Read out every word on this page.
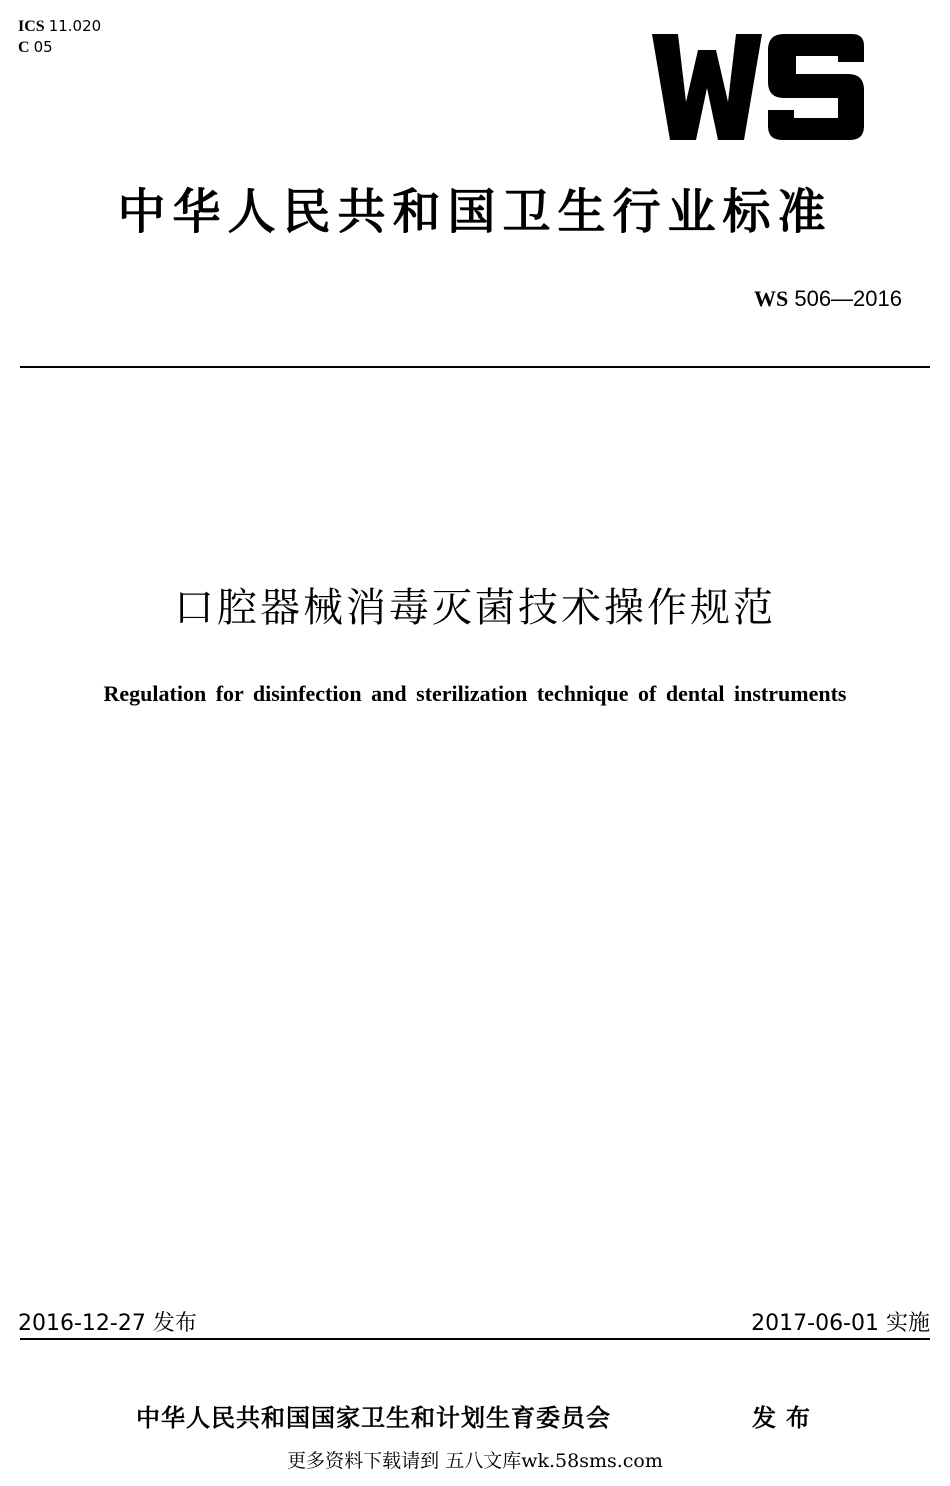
ICS 11.020
C 05
中华人民共和国卫生行业标准
WS 506—2016
口腔器械消毒灭菌技术操作规范
Regulation for disinfection and sterilization technique of dental instruments
2016-12-27 发布	2017-06-01 实施
中华人民共和国国家卫生和计划生育委员会	发布
更多资料下载请到 五八文库wk.58sms.com
